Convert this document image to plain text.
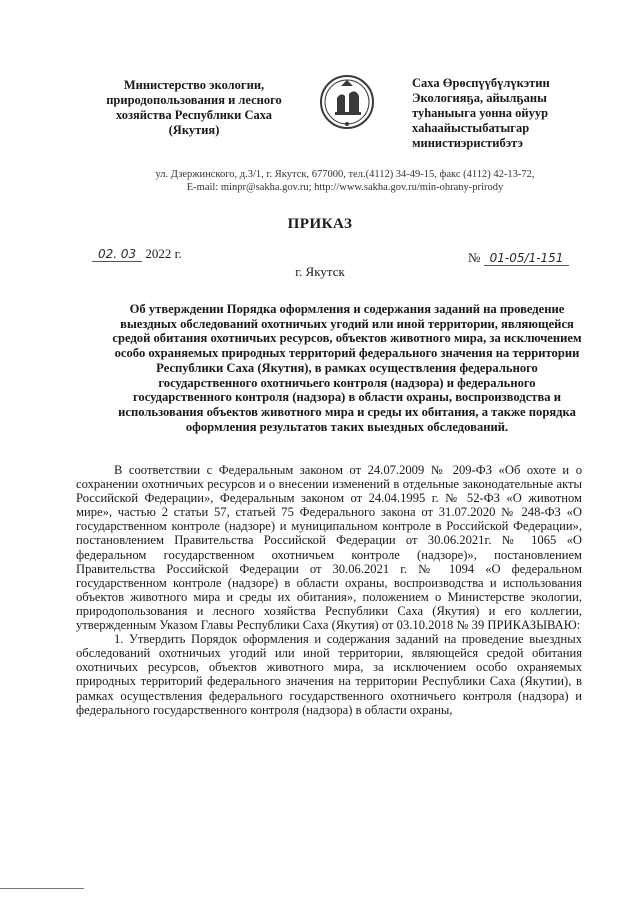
Министерство экологии, природопользования и лесного хозяйства Республики Саха (Якутия)
Саха Өрөспүүбүлүкэтин
Экологияҕа, айылҕаны
туһаныыга уонна ойуур
хаһаайыстыбатыгар
министиэристибэтэ
ул. Дзержинского, д.3/1, г. Якутск, 677000, тел.(4112) 34-49-15, факс (4112) 42-13-72,
E-mail: minpr@sakha.gov.ru; http://www.sakha.gov.ru/min-ohrany-prirody
ПРИКАЗ
02. 03 2022 г.	№ 01-05/1-151
г. Якутск
Об утверждении Порядка оформления и содержания заданий на проведение выездных обследований охотничьих угодий или иной территории, являющейся средой обитания охотничьих ресурсов, объектов животного мира, за исключением особо охраняемых природных территорий федерального значения на территории Республики Саха (Якутия), в рамках осуществления федерального государственного охотничьего контроля (надзора) и федерального государственного контроля (надзора) в области охраны, воспроизводства и использования объектов животного мира и среды их обитания, а также порядка оформления результатов таких выездных обследований.

В соответствии с Федеральным законом от 24.07.2009 № 209-ФЗ «Об охоте и о сохранении охотничьих ресурсов и о внесении изменений в отдельные законодательные акты Российской Федерации», Федеральным законом от 24.04.1995 г. № 52-ФЗ «О животном мире», частью 2 статьи 57, статьей 75 Федерального закона от 31.07.2020 № 248-ФЗ «О государственном контроле (надзоре) и муниципальном контроле в Российской Федерации», постановлением Правительства Российской Федерации от 30.06.2021г. № 1065 «О федеральном государственном охотничьем контроле (надзоре)», постановлением Правительства Российской Федерации от 30.06.2021 г. № 1094 «О федеральном государственном контроле (надзоре) в области охраны, воспроизводства и использования объектов животного мира и среды их обитания», положением о Министерстве экологии, природопользования и лесного хозяйства Республики Саха (Якутия) и его коллегии, утвержденным Указом Главы Республики Саха (Якутия) от 03.10.2018 № 39 ПРИКАЗЫВАЮ:

1. Утвердить Порядок оформления и содержания заданий на проведение выездных обследований охотничьих угодий или иной территории, являющейся средой обитания охотничьих ресурсов, объектов животного мира, за исключением особо охраняемых природных территорий федерального значения на территории Республики Саха (Якутии), в рамках осуществления федерального государственного охотничьего контроля (надзора) и федерального государственного контроля (надзора) в области охраны,
